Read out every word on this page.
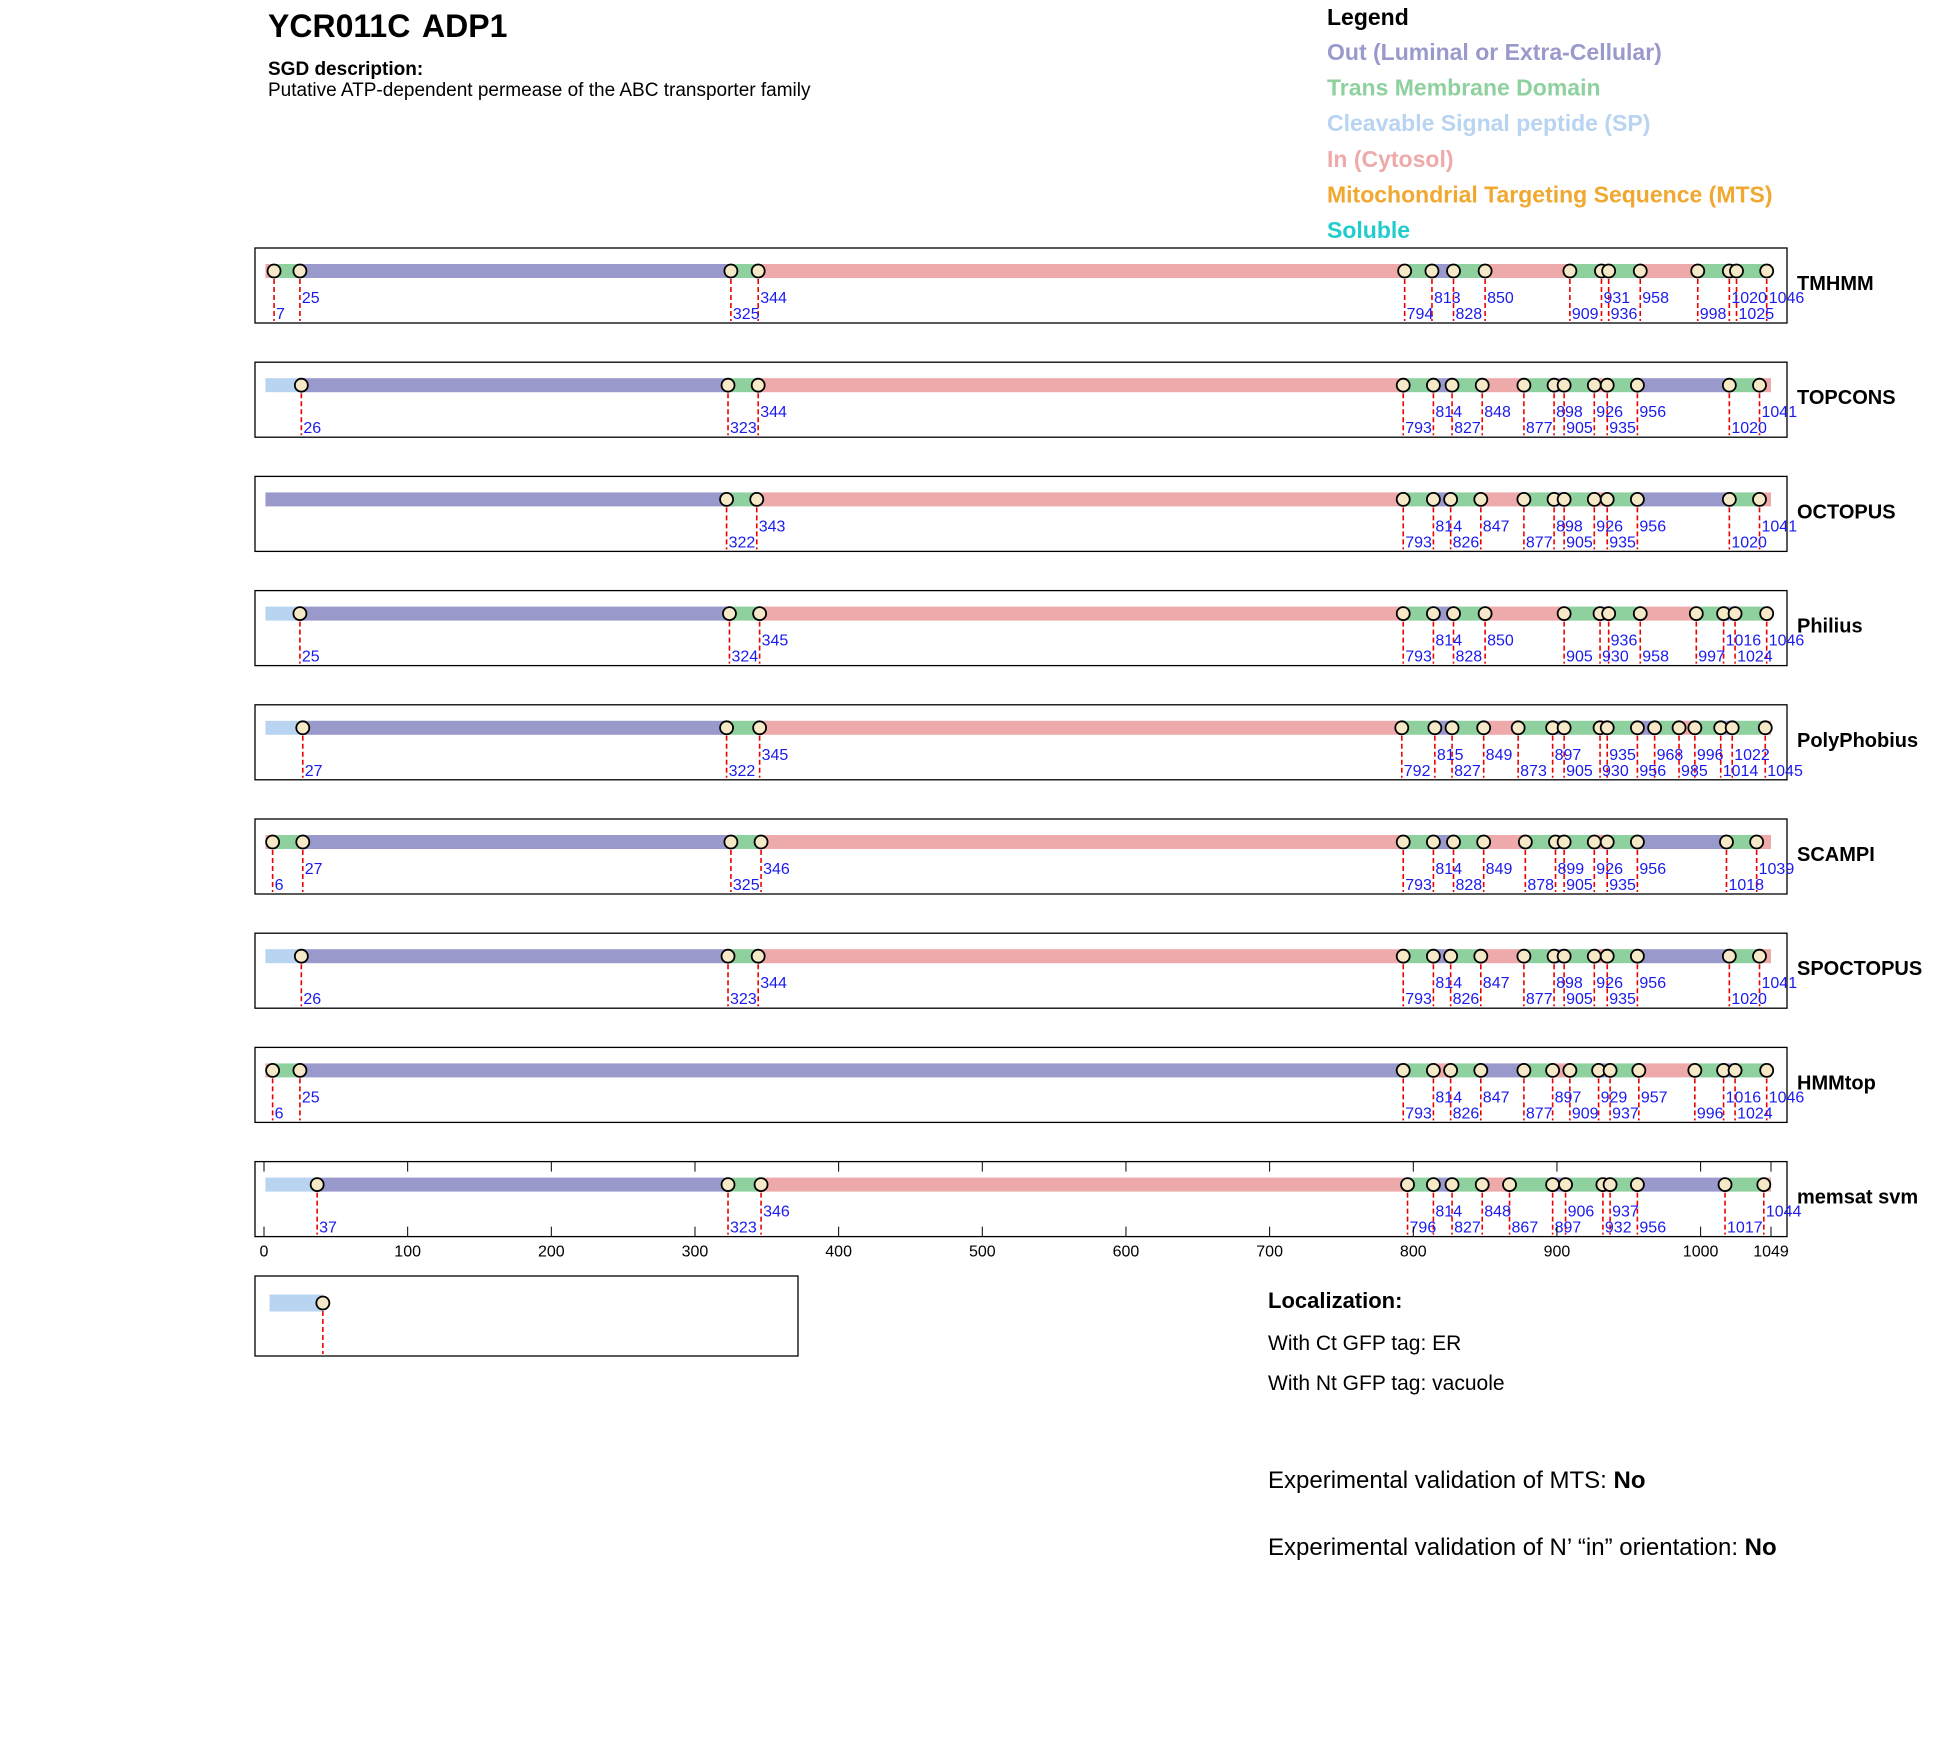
YCR011C ADP1
SGD description:
Putative ATP-dependent permease of the ABC transporter family
Legend
Out (Luminal or Extra-Cellular)
Trans Membrane Domain
Cleavable Signal peptide (SP)
In (Cytosol)
Mitochondrial Targeting Sequence (MTS)
Soluble
25	344	813 850	931 958	1020 1046
7	325	794 828	909 936	998 1025
TMHMM
344	814 848	898 926 956	1041
26	323	793 827	877 905 935	1020
TOPCONS
343	814 847	898 926 956	1041
322	793 826	877 905 935	1020
OCTOPUS
345	814 850	936	1016 1046
25	324	793 828	905 930 958 997 1024
Philius
345	815 849	897 935 968 996 1022
27	322	792 827 873 905 930 956 985 1014 1045
PolyPhobius
27	346	814 849	899 926 956	1039
6	325	793 828	878 905 935	1018
SCAMPI
344	814 847	898 926 956	1041
26	323	793 826	877 905 935	1020
SPOCTOPUS
25	814 847	897 929 957	1016 1046
6	793 826	877 909 937	996 1024
HMMtop
346	814 848	906 937	1044
37	323	796 827 867 897 932 956	1017
memsat svm
0	100	200	300	400	500	600	700	800	900	1000 1049
Localization:
With Ct GFP tag: ER
With Nt GFP tag: vacuole
Experimental validation of MTS: No
Experimental validation of N’ “in” orientation: No
